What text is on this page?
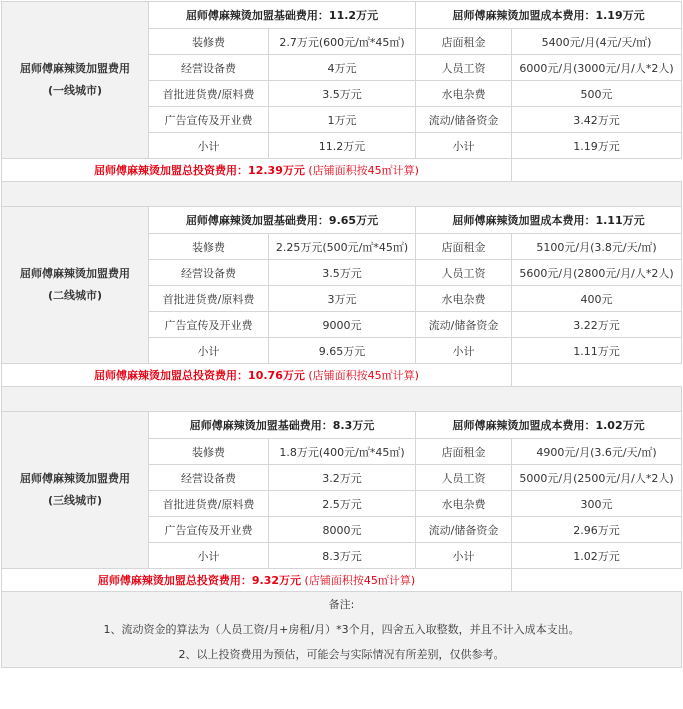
屈师傅麻辣烫加盟费用
(一线城市)	屈师傅麻辣烫加盟基础费用：11.2万元		屈师傅麻辣烫加盟成本费用：1.19万元	
	装修费	2.7万元(600元/㎡*45㎡)	店面租金	5400元/月(4元/天/㎡)
	经营设备费	4万元	人员工资	6000元/月(3000元/月/人*2人)
	首批进货费/原料费	3.5万元	水电杂费	500元
	广告宣传及开业费	1万元	流动/储备资金	3.42万元
	小计	11.2万元	小计	1.19万元
屈师傅麻辣烫加盟总投资费用：12.39万元 (店铺面积按45㎡计算)				

屈师傅麻辣烫加盟费用
(二线城市)	屈师傅麻辣烫加盟基础费用：9.65万元		屈师傅麻辣烫加盟成本费用：1.11万元	
	装修费	2.25万元(500元/㎡*45㎡)	店面租金	5100元/月(3.8元/天/㎡)
	经营设备费	3.5万元	人员工资	5600元/月(2800元/月/人*2人)
	首批进货费/原料费	3万元	水电杂费	400元
	广告宣传及开业费	9000元	流动/储备资金	3.22万元
	小计	9.65万元	小计	1.11万元
屈师傅麻辣烫加盟总投资费用：10.76万元 (店铺面积按45㎡计算)				

屈师傅麻辣烫加盟费用
(三线城市)	屈师傅麻辣烫加盟基础费用：8.3万元		屈师傅麻辣烫加盟成本费用：1.02万元	
	装修费	1.8万元(400元/㎡*45㎡)	店面租金	4900元/月(3.6元/天/㎡)
	经营设备费	3.2万元	人员工资	5000元/月(2500元/月/人*2人)
	首批进货费/原料费	2.5万元	水电杂费	300元
	广告宣传及开业费	8000元	流动/储备资金	2.96万元
	小计	8.3万元	小计	1.02万元
屈师傅麻辣烫加盟总投资费用：9.32万元 (店铺面积按45㎡计算)				

备注:
1、流动资金的算法为（人员工资/月+房租/月）*3个月，四舍五入取整数，并且不计入成本支出。
2、以上投资费用为预估，可能会与实际情况有所差别，仅供参考。				
